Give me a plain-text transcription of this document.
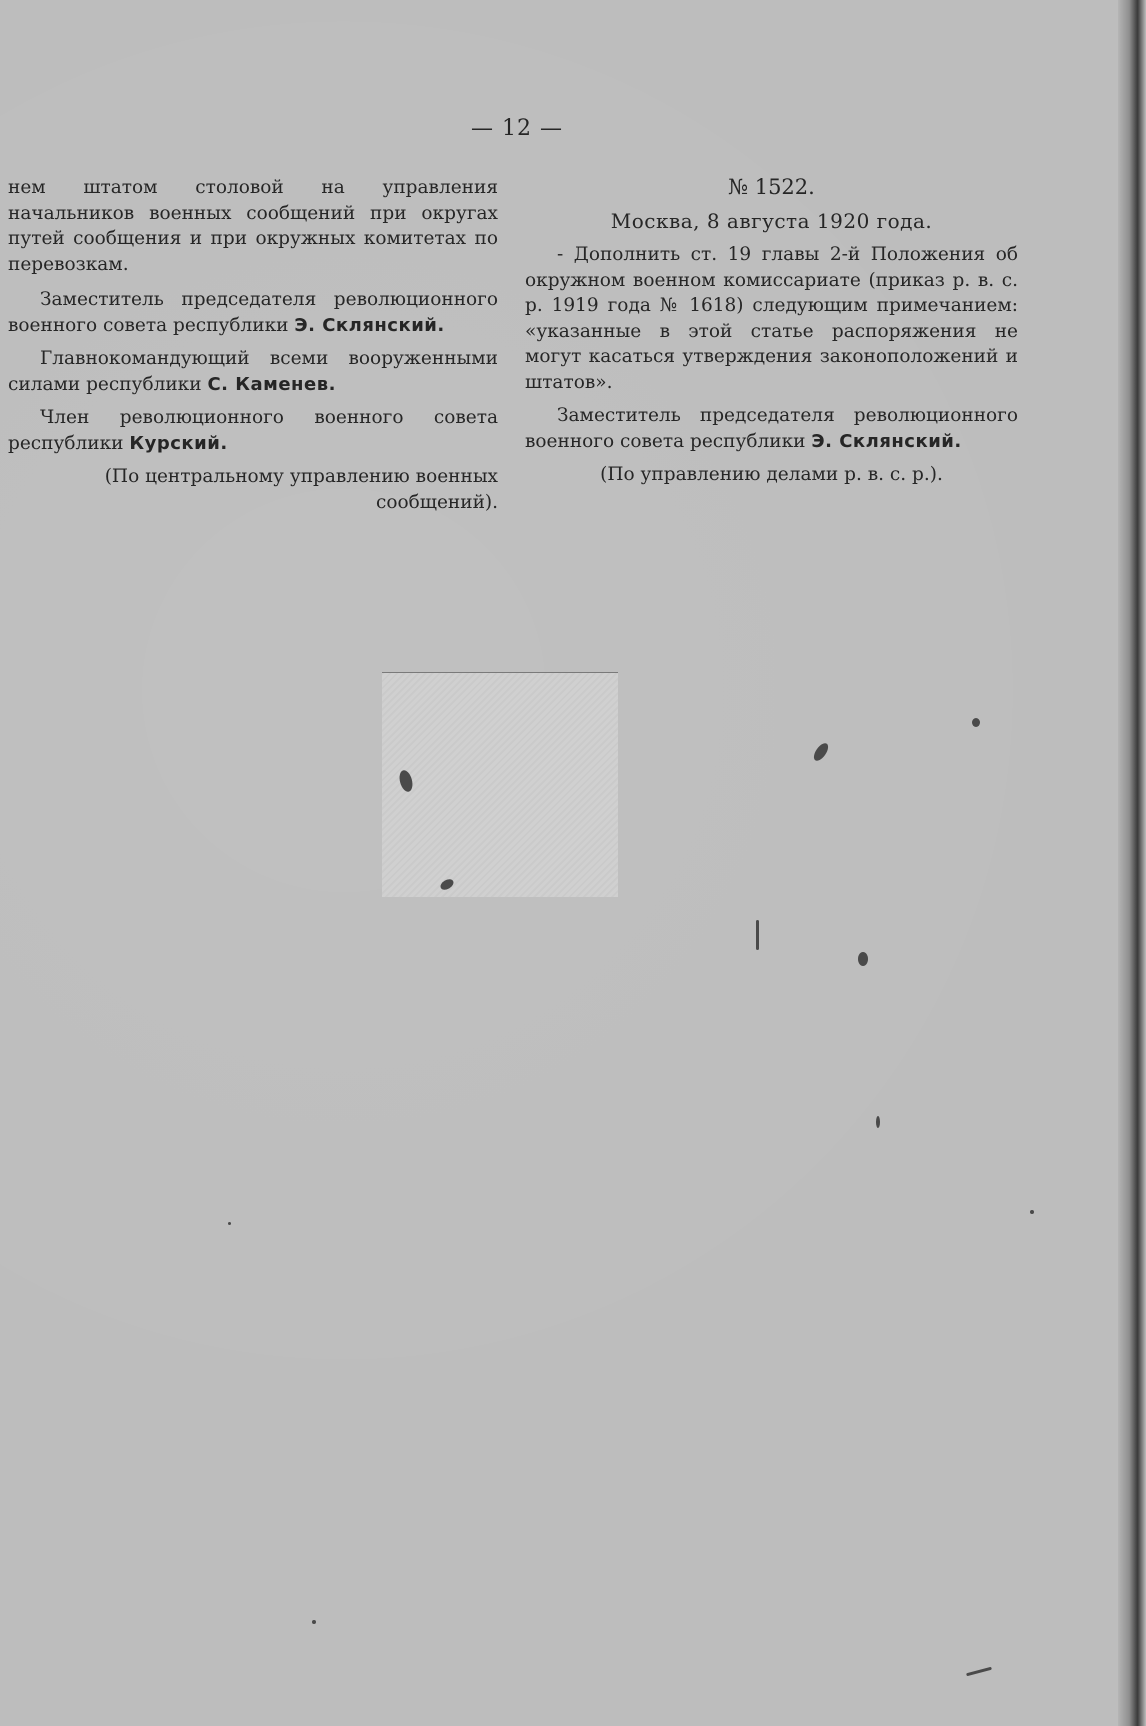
— 12 —

нем штатом столовой на управления начальников военных сообщений при округах путей сообщения и при окружных комитетах по перевозкам.

Заместитель председателя революционного военного совета республики Э. Склянский.

Главнокомандующий всеми вооруженными силами республики С. Каменев.

Член революционного военного совета республики Курский.

(По центральному управлению военных сообщений).

№ 1522.

Москва, 8 августа 1920 года.

- Дополнить ст. 19 главы 2-й Положения об окружном военном комиссариате (приказ р. в. с. р. 1919 года № 1618) следующим примечанием: «указанные в этой статье распоряжения не могут касаться утверждения законоположений и штатов».

Заместитель председателя революционного военного совета республики Э. Склянский.

(По управлению делами р. в. с. р.).
